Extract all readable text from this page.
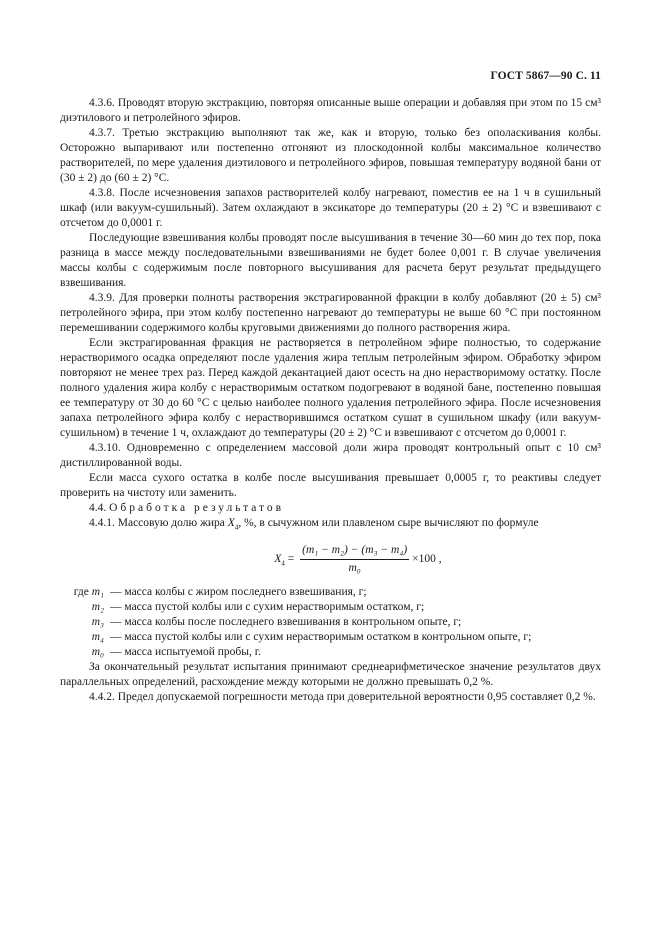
ГОСТ 5867—90 С. 11

4.3.6. Проводят вторую экстракцию, повторяя описанные выше операции и добавляя при этом по 15 см³ диэтилового и петролейного эфиров.

4.3.7. Третью экстракцию выполняют так же, как и вторую, только без ополаскивания колбы. Осторожно выпаривают или постепенно отгоняют из плоскодонной колбы максимальное количество растворителей, по мере удаления диэтилового и петролейного эфиров, повышая температуру водяной бани от (30 ± 2) до (60 ± 2) °С.

4.3.8. После исчезновения запахов растворителей колбу нагревают, поместив ее на 1 ч в сушильный шкаф (или вакуум-сушильный). Затем охлаждают в эксикаторе до температуры (20 ± 2) °С и взвешивают с отсчетом до 0,0001 г.

Последующие взвешивания колбы проводят после высушивания в течение 30—60 мин до тех пор, пока разница в массе между последовательными взвешиваниями не будет более 0,001 г. В случае увеличения массы колбы с содержимым после повторного высушивания для расчета берут результат предыдущего взвешивания.

4.3.9. Для проверки полноты растворения экстрагированной фракции в колбу добавляют (20 ± 5) см³ петролейного эфира, при этом колбу постепенно нагревают до температуры не выше 60 °С при постоянном перемешивании содержимого колбы круговыми движениями до полного растворения жира.

Если экстрагированная фракция не растворяется в петролейном эфире полностью, то содержание нерастворимого осадка определяют после удаления жира теплым петролейным эфиром. Обработку эфиром повторяют не менее трех раз. Перед каждой декантацией дают осесть на дно нерастворимому остатку. После полного удаления жира колбу с нерастворимым остатком подогревают в водяной бане, постепенно повышая ее температуру от 30 до 60 °С с целью наиболее полного удаления петролейного эфира. После исчезновения запаха петролейного эфира колбу с нерастворившимся остатком сушат в сушильном шкафу (или вакуум-сушильном) в течение 1 ч, охлаждают до температуры (20 ± 2) °С и взвешивают с отсчетом до 0,0001 г.

4.3.10. Одновременно с определением массовой доли жира проводят контрольный опыт с 10 см³ дистиллированной воды.

Если масса сухого остатка в колбе после высушивания превышает 0,0005 г, то реактивы следует проверить на чистоту или заменить.

4.4. Обработка результатов

4.4.1. Массовую долю жира $X_4$, %, в сычужном или плавленом сыре вычисляют по формуле

$X_4 = \frac{\text{(m₁ − m₂) − (m₃ − m₄)}}{\text{m₀}} \times 100$ ,
где m₁ — масса колбы с жиром последнего взвешивания, г;
m₂ — масса пустой колбы или с сухим нерастворимым остатком, г;
m₃ — масса колбы после последнего взвешивания в контрольном опыте, г;
m₄ — масса пустой колбы или с сухим нерастворимым остатком в контрольном опыте, г;
m₀ — масса испытуемой пробы, г.

За окончательный результат испытания принимают среднеарифметическое значение результатов двух параллельных определений, расхождение между которыми не должно превышать 0,2 %.

4.4.2. Предел допускаемой погрешности метода при доверительной вероятности 0,95 составляет 0,2 %.
